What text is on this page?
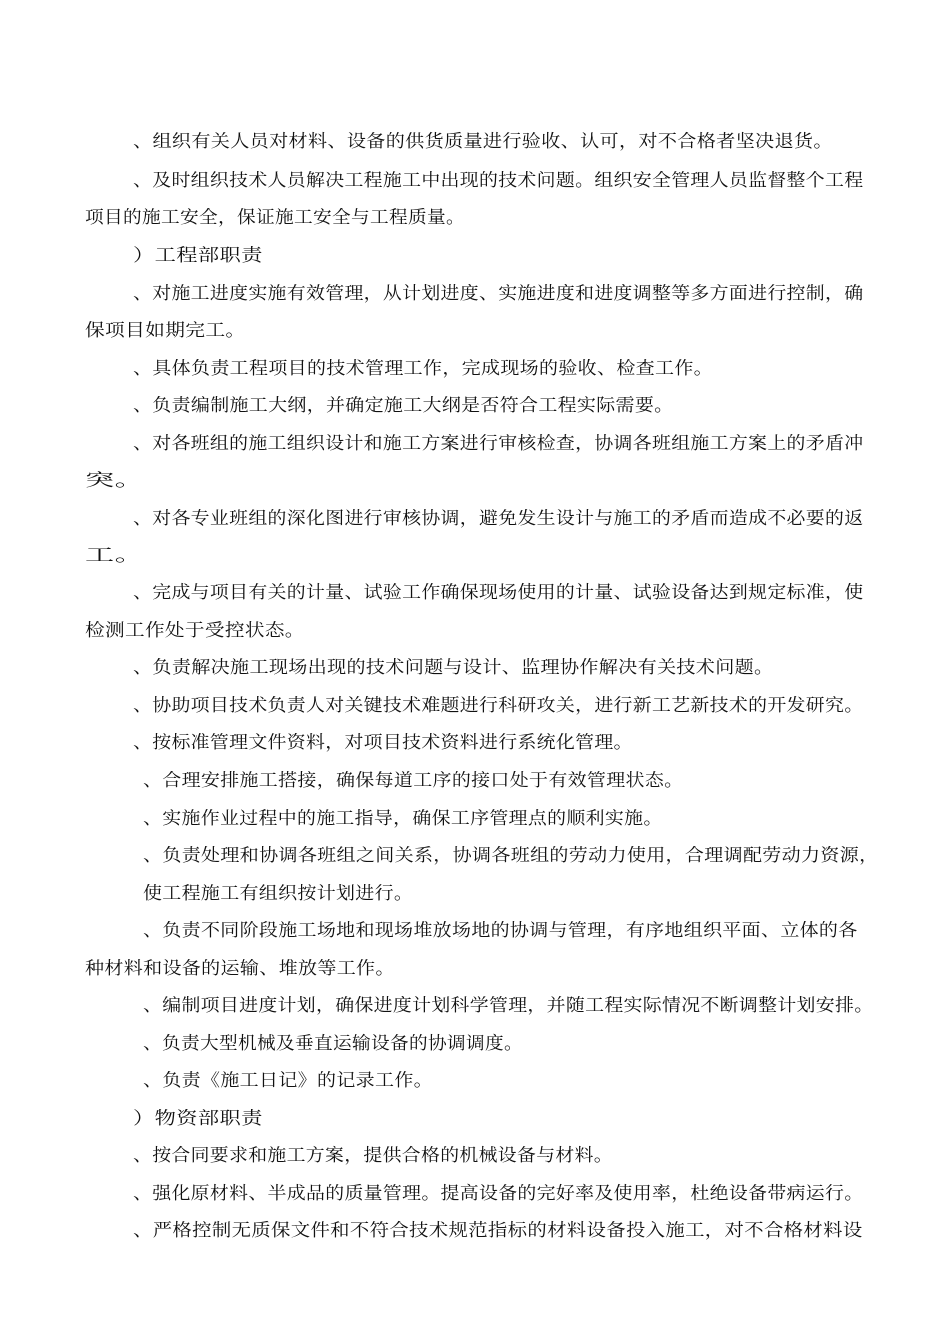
、组织有关人员对材料、设备的供货质量进行验收、认可，对不合格者坚决退货。
、及时组织技术人员解决工程施工中出现的技术问题。组织安全管理人员监督整个工程
项目的施工安全，保证施工安全与工程质量。
）工程部职责
、对施工进度实施有效管理，从计划进度、实施进度和进度调整等多方面进行控制，确
保项目如期完工。
、具体负责工程项目的技术管理工作，完成现场的验收、检查工作。
、负责编制施工大纲，并确定施工大纲是否符合工程实际需要。
、对各班组的施工组织设计和施工方案进行审核检查，协调各班组施工方案上的矛盾冲
突。
、对各专业班组的深化图进行审核协调，避免发生设计与施工的矛盾而造成不必要的返
工。
、完成与项目有关的计量、试验工作确保现场使用的计量、试验设备达到规定标准，使
检测工作处于受控状态。
、负责解决施工现场出现的技术问题与设计、监理协作解决有关技术问题。
、协助项目技术负责人对关键技术难题进行科研攻关，进行新工艺新技术的开发研究。
、按标准管理文件资料，对项目技术资料进行系统化管理。
、合理安排施工搭接，确保每道工序的接口处于有效管理状态。
、实施作业过程中的施工指导，确保工序管理点的顺利实施。
、负责处理和协调各班组之间关系，协调各班组的劳动力使用，合理调配劳动力资源，
使工程施工有组织按计划进行。
、负责不同阶段施工场地和现场堆放场地的协调与管理，有序地组织平面、立体的各
种材料和设备的运输、堆放等工作。
、编制项目进度计划，确保进度计划科学管理，并随工程实际情况不断调整计划安排。
、负责大型机械及垂直运输设备的协调调度。
、负责《施工日记》的记录工作。
）物资部职责
、按合同要求和施工方案，提供合格的机械设备与材料。
、强化原材料、半成品的质量管理。提高设备的完好率及使用率，杜绝设备带病运行。
、严格控制无质保文件和不符合技术规范指标的材料设备投入施工，对不合格材料设
